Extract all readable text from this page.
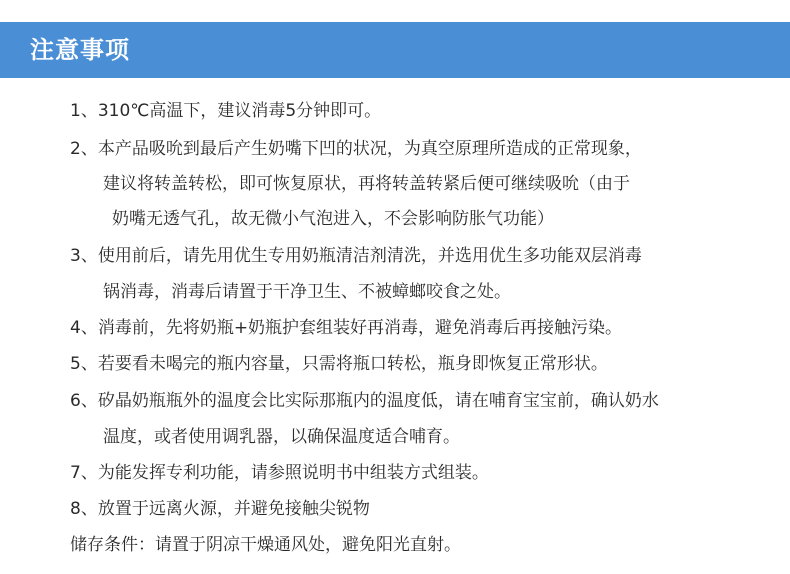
注意事项
1、310℃高温下，建议消毒5分钟即可。
2、本产品吸吮到最后产生奶嘴下凹的状况，为真空原理所造成的正常现象，
建议将转盖转松，即可恢复原状，再将转盖转紧后便可继续吸吮（由于
奶嘴无透气孔，故无微小气泡进入，不会影响防胀气功能）
3、使用前后，请先用优生专用奶瓶清洁剂清洗，并选用优生多功能双层消毒
锅消毒，消毒后请置于干净卫生、不被蟑螂咬食之处。
4、消毒前，先将奶瓶+奶瓶护套组装好再消毒，避免消毒后再接触污染。
5、若要看未喝完的瓶内容量，只需将瓶口转松，瓶身即恢复正常形状。
6、矽晶奶瓶瓶外的温度会比实际那瓶内的温度低，请在哺育宝宝前，确认奶水
温度，或者使用调乳器，以确保温度适合哺育。
7、为能发挥专利功能，请参照说明书中组装方式组装。
8、放置于远离火源，并避免接触尖锐物
储存条件：请置于阴凉干燥通风处，避免阳光直射。
